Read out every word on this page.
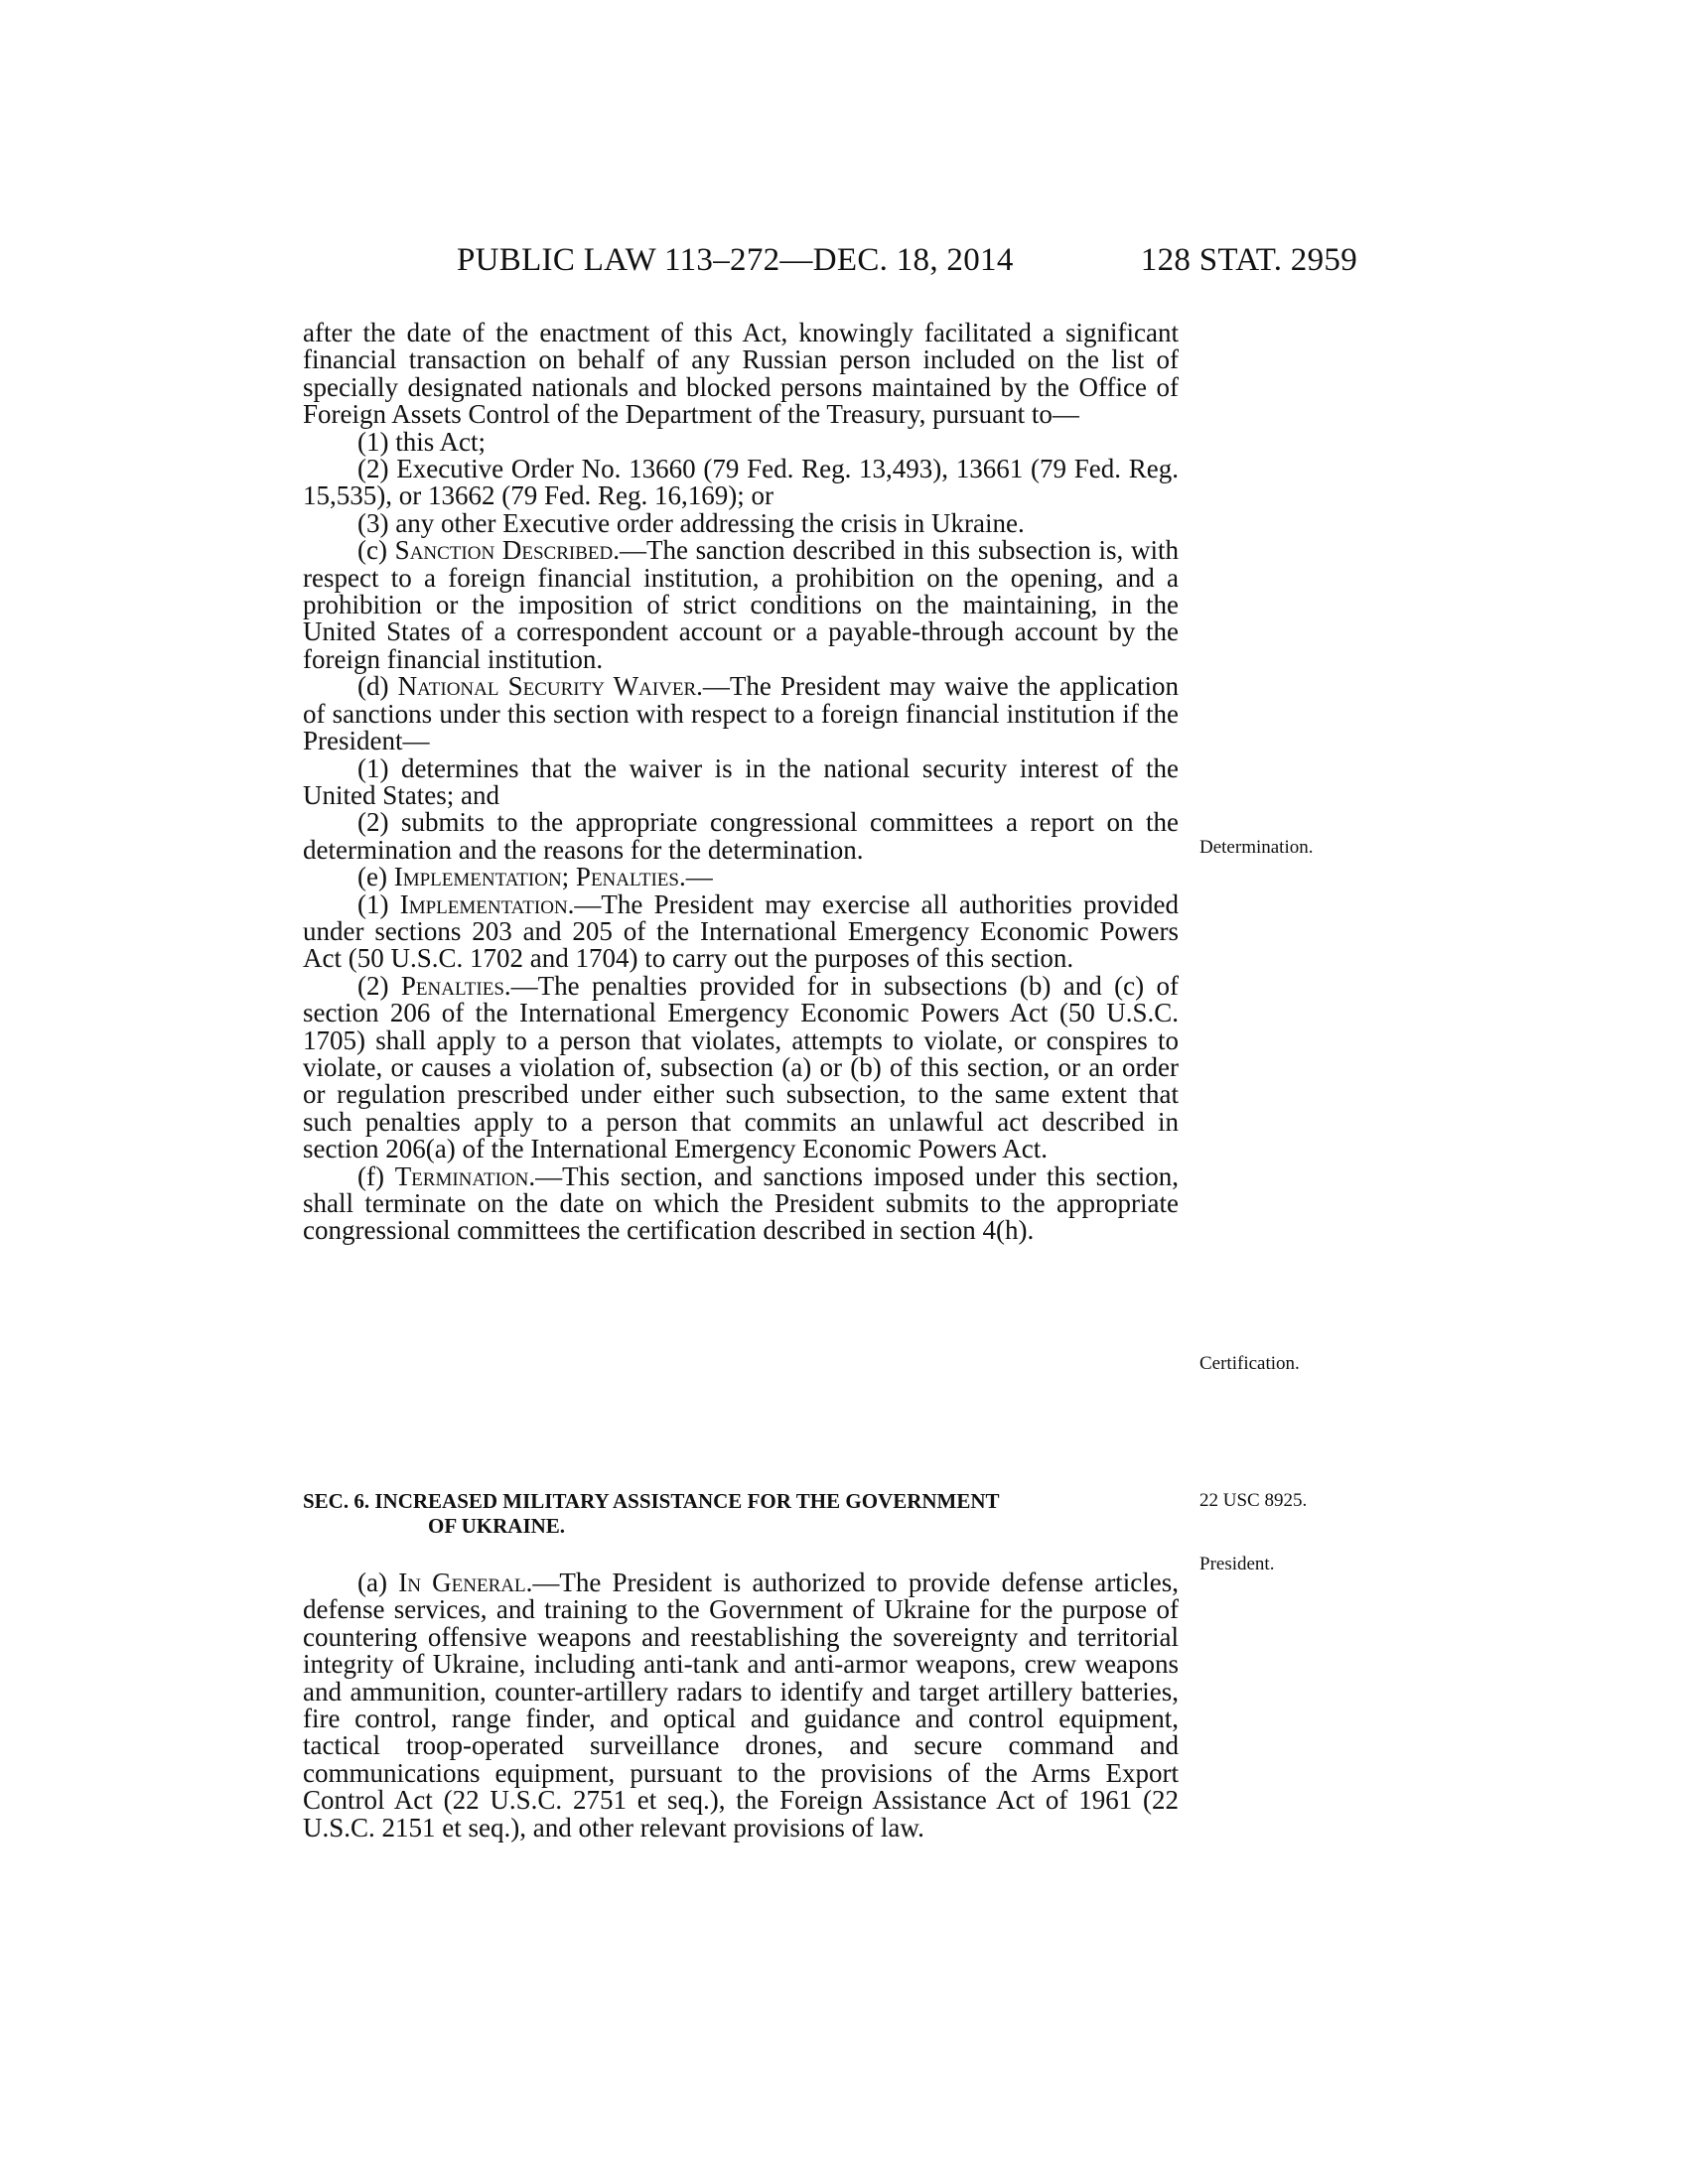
PUBLIC LAW 113–272—DEC. 18, 2014	128 STAT. 2959

after the date of the enactment of this Act, knowingly facilitated a significant financial transaction on behalf of any Russian person included on the list of specially designated nationals and blocked persons maintained by the Office of Foreign Assets Control of the Department of the Treasury, pursuant to—

(1) this Act;

(2) Executive Order No. 13660 (79 Fed. Reg. 13,493), 13661 (79 Fed. Reg. 15,535), or 13662 (79 Fed. Reg. 16,169); or

(3) any other Executive order addressing the crisis in Ukraine.

(c) Sanction Described.—The sanction described in this subsection is, with respect to a foreign financial institution, a prohibition on the opening, and a prohibition or the imposition of strict conditions on the maintaining, in the United States of a correspondent account or a payable-through account by the foreign financial institution.

(d) National Security Waiver.—The President may waive the application of sanctions under this section with respect to a foreign financial institution if the President—

(1) determines that the waiver is in the national security interest of the United States; and

(2) submits to the appropriate congressional committees a report on the determination and the reasons for the determination.

(e) Implementation; Penalties.—

(1) Implementation.—The President may exercise all authorities provided under sections 203 and 205 of the International Emergency Economic Powers Act (50 U.S.C. 1702 and 1704) to carry out the purposes of this section.

(2) Penalties.—The penalties provided for in subsections (b) and (c) of section 206 of the International Emergency Economic Powers Act (50 U.S.C. 1705) shall apply to a person that violates, attempts to violate, or conspires to violate, or causes a violation of, subsection (a) or (b) of this section, or an order or regulation prescribed under either such subsection, to the same extent that such penalties apply to a person that commits an unlawful act described in section 206(a) of the International Emergency Economic Powers Act.

(f) Termination.—This section, and sanctions imposed under this section, shall terminate on the date on which the President submits to the appropriate congressional committees the certification described in section 4(h).

SEC. 6. INCREASED MILITARY ASSISTANCE FOR THE GOVERNMENT
OF UKRAINE.

(a) In General.—The President is authorized to provide defense articles, defense services, and training to the Government of Ukraine for the purpose of countering offensive weapons and reestablishing the sovereignty and territorial integrity of Ukraine, including anti-tank and anti-armor weapons, crew weapons and ammunition, counter-artillery radars to identify and target artillery batteries, fire control, range finder, and optical and guidance and control equipment, tactical troop-operated surveillance drones, and secure command and communications equipment, pursuant to the provisions of the Arms Export Control Act (22 U.S.C. 2751 et seq.), the Foreign Assistance Act of 1961 (22 U.S.C. 2151 et seq.), and other relevant provisions of law.

Determination.
Certification.
22 USC 8925.
President.
